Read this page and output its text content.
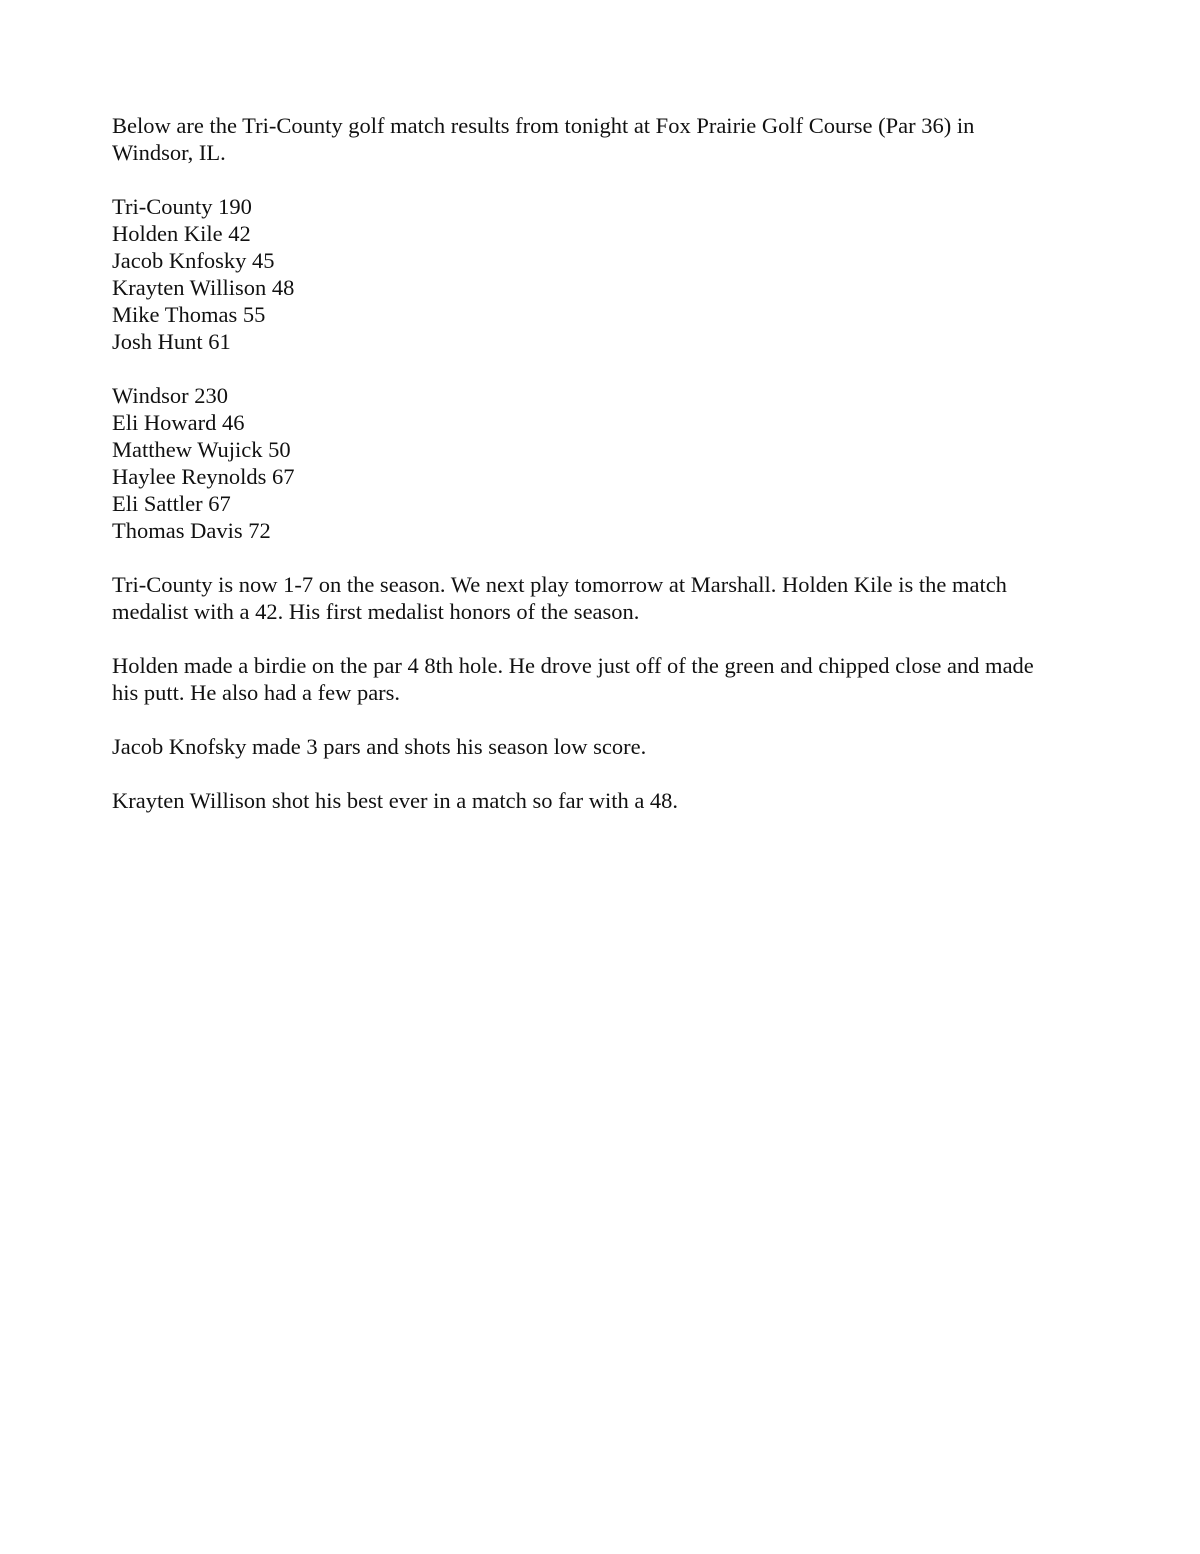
Below are the Tri-County golf match results from tonight at Fox Prairie Golf Course (Par 36) in
Windsor, IL.

Tri-County 190
Holden Kile 42
Jacob Knfosky 45
Krayten Willison 48
Mike Thomas 55
Josh Hunt 61
Windsor 230
Eli Howard 46
Matthew Wujick 50
Haylee Reynolds 67
Eli Sattler 67
Thomas Davis 72

Tri-County is now 1-7 on the season. We next play tomorrow at Marshall. Holden Kile is the match
medalist with a 42. His first medalist honors of the season.

Holden made a birdie on the par 4 8th hole. He drove just off of the green and chipped close and made
his putt. He also had a few pars.

Jacob Knofsky made 3 pars and shots his season low score.

Krayten Willison shot his best ever in a match so far with a 48.
